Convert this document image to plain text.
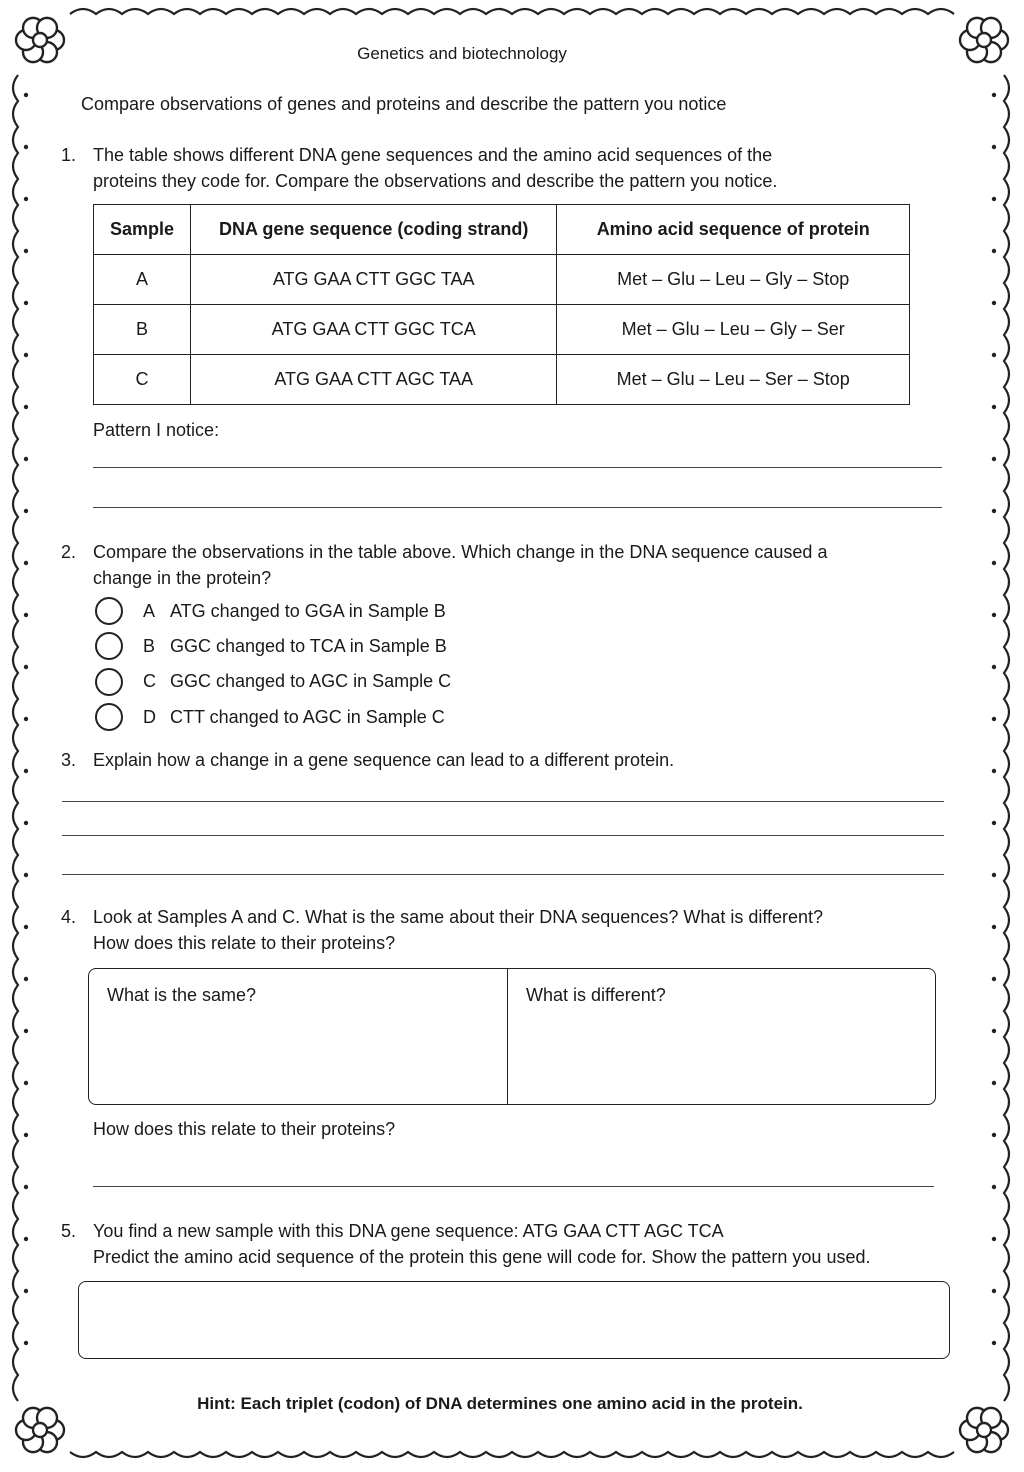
Genetics and biotechnology
Compare observations of genes and proteins and describe the pattern you notice
1. The table shows different DNA gene sequences and the amino acid sequences of the
proteins they code for. Compare the observations and describe the pattern you notice.
Sample	DNA gene sequence (coding strand)	Amino acid sequence of protein
A	ATG GAA CTT GGC TAA	Met – Glu – Leu – Gly – Stop
B	ATG GAA CTT GGC TCA	Met – Glu – Leu – Gly – Ser
C	ATG GAA CTT AGC TAA	Met – Glu – Leu – Ser – Stop
Pattern I notice:
2. Compare the observations in the table above. Which change in the DNA sequence caused a
change in the protein?
A ATG changed to GGA in Sample B
B GGC changed to TCA in Sample B
C GGC changed to AGC in Sample C
D CTT changed to AGC in Sample C
3. Explain how a change in a gene sequence can lead to a different protein.
4. Look at Samples A and C. What is the same about their DNA sequences? What is different?
How does this relate to their proteins?
What is the same?	What is different?
How does this relate to their proteins?
5. You find a new sample with this DNA gene sequence: ATG GAA CTT AGC TCA
Predict the amino acid sequence of the protein this gene will code for. Show the pattern you used.
Hint: Each triplet (codon) of DNA determines one amino acid in the protein.
